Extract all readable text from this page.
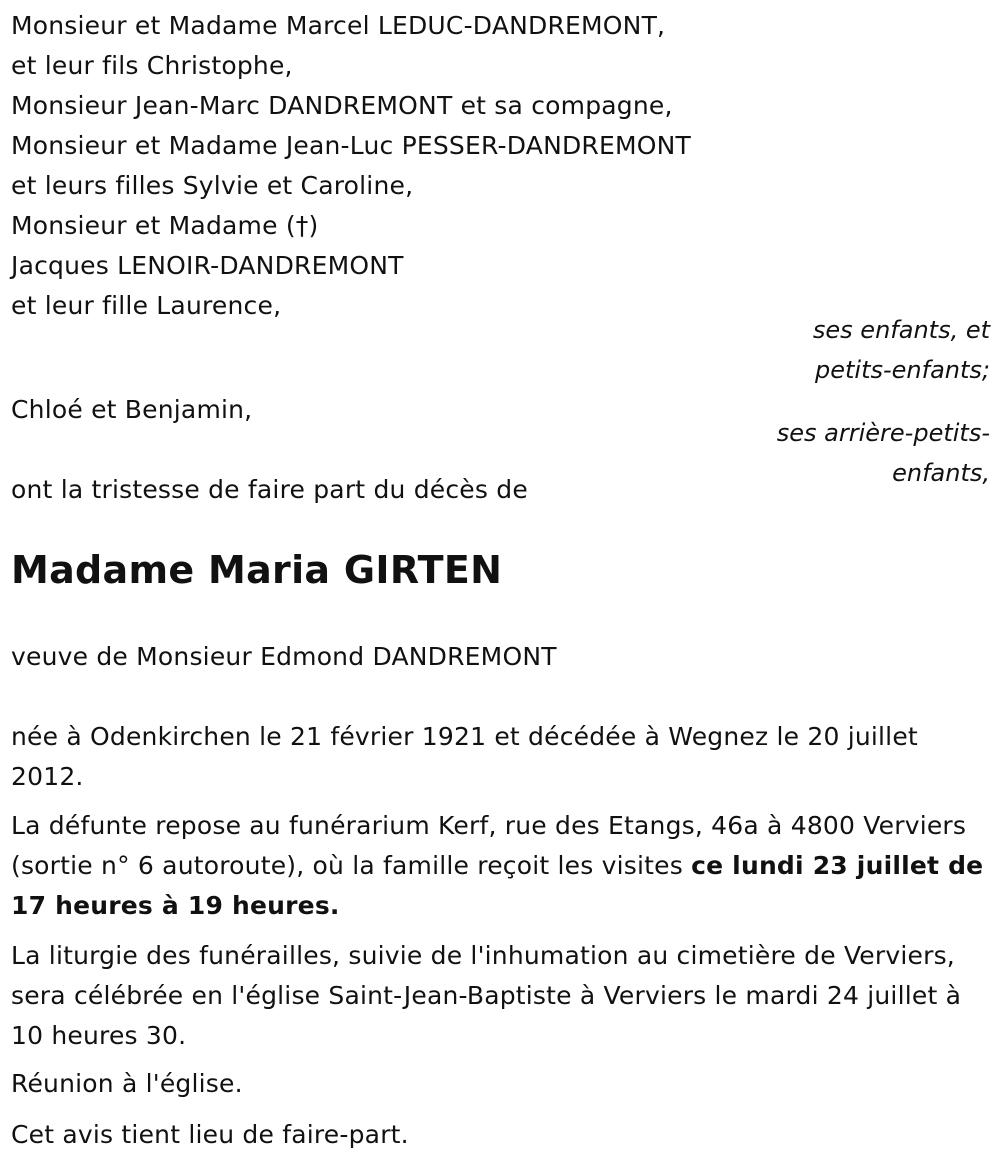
Monsieur et Madame Marcel LEDUC-DANDREMONT,
et leur fils Christophe,
Monsieur Jean-Marc DANDREMONT et sa compagne,
Monsieur et Madame Jean-Luc PESSER-DANDREMONT
et leurs filles Sylvie et Caroline,
Monsieur et Madame (†)
Jacques LENOIR-DANDREMONT
et leur fille Laurence,
ses enfants, et
petits-enfants;
Chloé et Benjamin,
ses arrière-petits-
enfants,
ont la tristesse de faire part du décès de
Madame Maria GIRTEN
veuve de Monsieur Edmond DANDREMONT
née à Odenkirchen le 21 février 1921 et décédée à Wegnez le 20 juillet 2012.
La défunte repose au funérarium Kerf, rue des Etangs, 46a à 4800 Verviers (sortie n° 6 autoroute), où la famille reçoit les visites ce lundi 23 juillet de 17 heures à 19 heures.
La liturgie des funérailles, suivie de l'inhumation au cimetière de Verviers, sera célébrée en l'église Saint-Jean-Baptiste à Verviers le mardi 24 juillet à 10 heures 30.
Réunion à l'église.
Cet avis tient lieu de faire-part.
